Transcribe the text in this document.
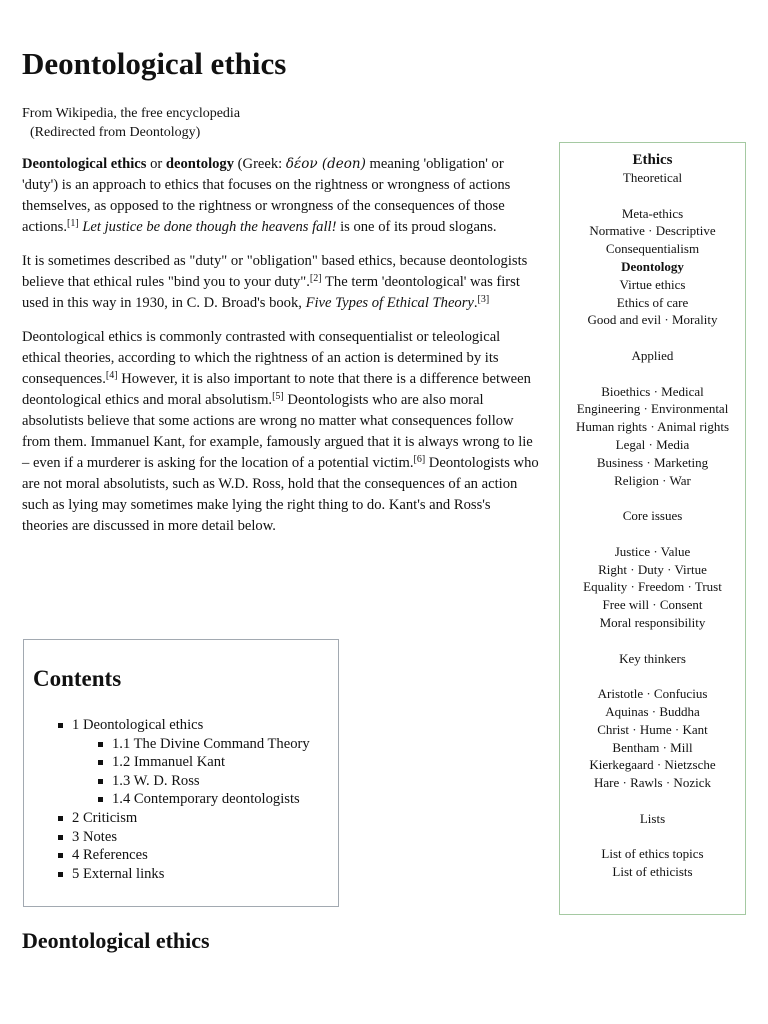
Deontological ethics
From Wikipedia, the free encyclopedia
(Redirected from Deontology)

Deontological ethics or deontology (Greek: δέον (deon) meaning 'obligation' or 'duty') is an approach to ethics that focuses on the rightness or wrongness of actions themselves, as opposed to the rightness or wrongness of the consequences of those actions.[1] Let justice be done though the heavens fall! is one of its proud slogans.

It is sometimes described as "duty" or "obligation" based ethics, because deontologists believe that ethical rules "bind you to your duty".[2] The term 'deontological' was first used in this way in 1930, in C. D. Broad's book, Five Types of Ethical Theory.[3]

Deontological ethics is commonly contrasted with consequentialist or teleological ethical theories, according to which the rightness of an action is determined by its consequences.[4] However, it is also important to note that there is a difference between deontological ethics and moral absolutism.[5] Deontologists who are also moral absolutists believe that some actions are wrong no matter what consequences follow from them. Immanuel Kant, for example, famously argued that it is always wrong to lie – even if a murderer is asking for the location of a potential victim.[6] Deontologists who are not moral absolutists, such as W.D. Ross, hold that the consequences of an action such as lying may sometimes make lying the right thing to do. Kant's and Ross's theories are discussed in more detail below.

Contents
1 Deontological ethics
1.1 The Divine Command Theory
1.2 Immanuel Kant
1.3 W. D. Ross
1.4 Contemporary deontologists
2 Criticism
3 Notes
4 References
5 External links
Deontological ethics
Ethics
Theoretical
Meta-ethics
Normative · Descriptive
Consequentialism
Deontology
Virtue ethics
Ethics of care
Good and evil · Morality
Applied
Bioethics · Medical
Engineering · Environmental
Human rights · Animal rights
Legal · Media
Business · Marketing
Religion · War
Core issues
Justice · Value
Right · Duty · Virtue
Equality · Freedom · Trust
Free will · Consent
Moral responsibility
Key thinkers
Aristotle · Confucius
Aquinas · Buddha
Christ · Hume · Kant
Bentham · Mill
Kierkegaard · Nietzsche
Hare · Rawls · Nozick
Lists
List of ethics topics
List of ethicists
